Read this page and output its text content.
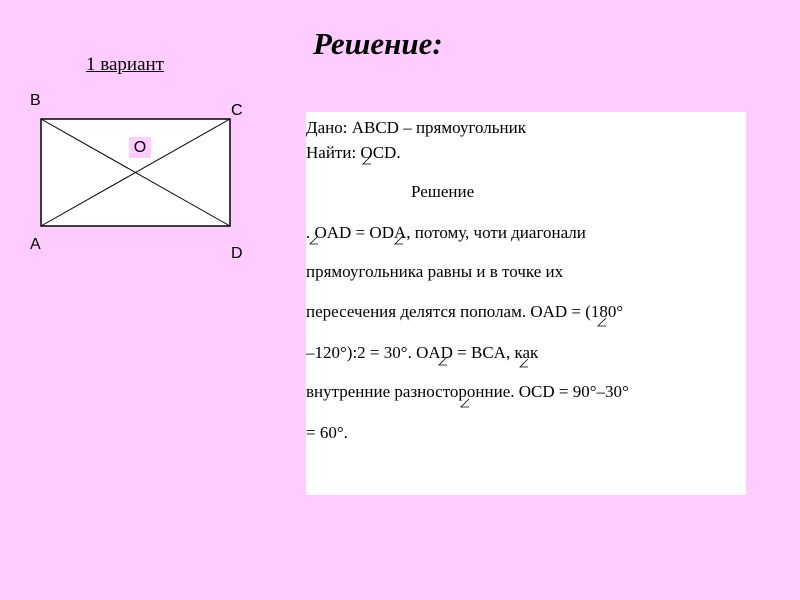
Решение:
1 вариант
B
C
A
D
O
Дано: ABCD – прямоугольник
Найти: OCD.
Решение
. OAD = ODA, потому, чоти диагонали
прямоугольника равны и в точке их
пересечения делятся пополам. OAD = (180°
–120°):2 = 30°. OAD = BCA, как
внутренние разносторонние. OCD = 90°–30°
= 60°.
